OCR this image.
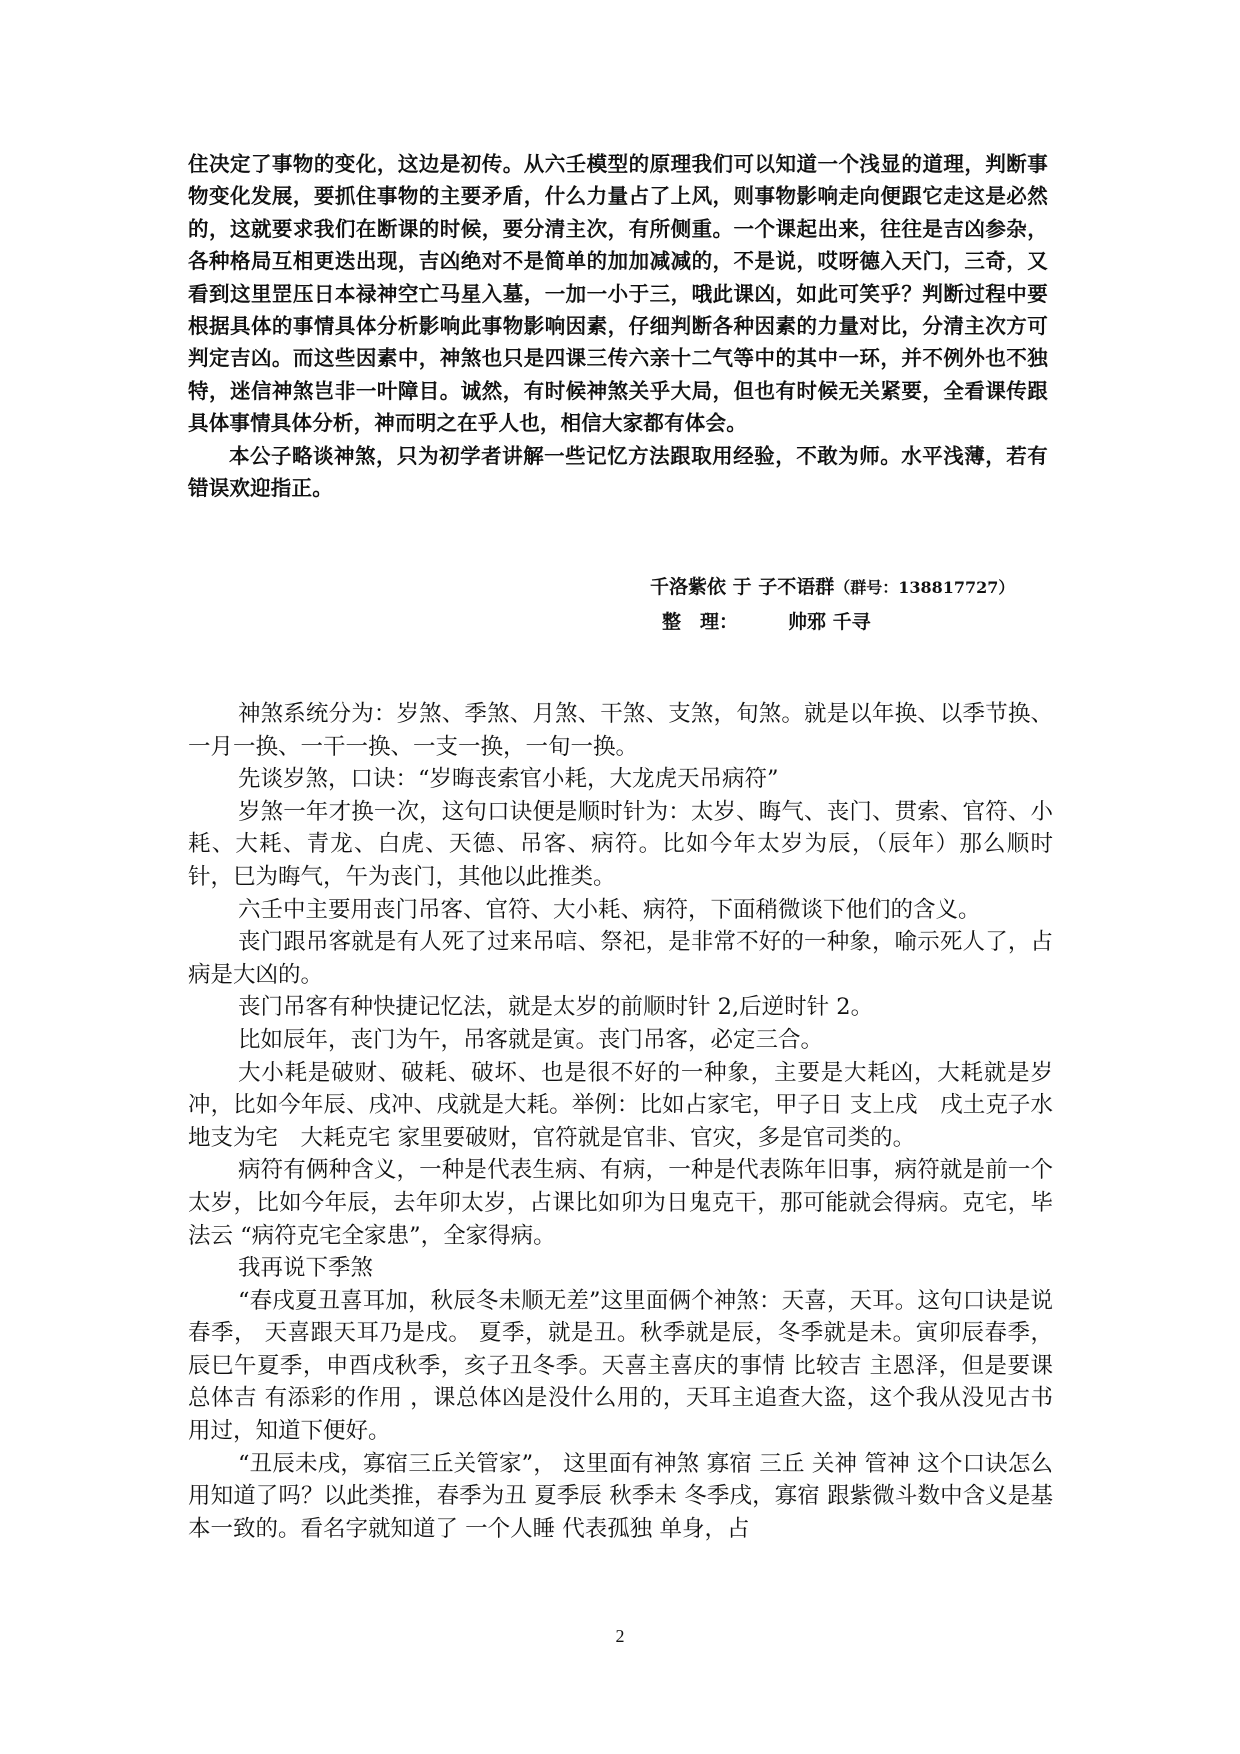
住决定了事物的变化，这边是初传。从六壬模型的原理我们可以知道一个浅显的道理，判断事物变化发展，要抓住事物的主要矛盾，什么力量占了上风，则事物影响走向便跟它走这是必然的，这就要求我们在断课的时候，要分清主次，有所侧重。一个课起出来，往往是吉凶参杂，各种格局互相更迭出现，吉凶绝对不是简单的加加减减的，不是说，哎呀德入天门，三奇，又看到这里罡压日本禄神空亡马星入墓，一加一小于三，哦此课凶，如此可笑乎？判断过程中要根据具体的事情具体分析影响此事物影响因素，仔细判断各种因素的力量对比，分清主次方可判定吉凶。而这些因素中，神煞也只是四课三传六亲十二气等中的其中一环，并不例外也不独特，迷信神煞岂非一叶障目。诚然，有时候神煞关乎大局，但也有时候无关紧要，全看课传跟具体事情具体分析，神而明之在乎人也，相信大家都有体会。

本公子略谈神煞，只为初学者讲解一些记忆方法跟取用经验，不敢为师。水平浅薄，若有错误欢迎指正。

千洛紫依 于 子不语群（群号：138817727）
整　理：	帅邪 千寻

神煞系统分为：岁煞、季煞、月煞、干煞、支煞，旬煞。就是以年换、以季节换、一月一换、一干一换、一支一换，一旬一换。

先谈岁煞，口诀：“岁晦丧索官小耗，大龙虎天吊病符”

岁煞一年才换一次，这句口诀便是顺时针为：太岁、晦气、丧门、贯索、官符、小耗、大耗、青龙、白虎、天德、吊客、病符。比如今年太岁为辰，（辰年）那么顺时针，巳为晦气，午为丧门，其他以此推类。

六壬中主要用丧门吊客、官符、大小耗、病符，下面稍微谈下他们的含义。

丧门跟吊客就是有人死了过来吊唁、祭祀，是非常不好的一种象，喻示死人了，占病是大凶的。

丧门吊客有种快捷记忆法，就是太岁的前顺时针 2,后逆时针 2。

比如辰年，丧门为午，吊客就是寅。丧门吊客，必定三合。

大小耗是破财、破耗、破坏、也是很不好的一种象，主要是大耗凶，大耗就是岁冲，比如今年辰、戌冲、戌就是大耗。举例：比如占家宅，甲子日 支上戌　戌土克子水 地支为宅　大耗克宅 家里要破财，官符就是官非、官灾，多是官司类的。

病符有俩种含义，一种是代表生病、有病，一种是代表陈年旧事，病符就是前一个太岁，比如今年辰，去年卯太岁，占课比如卯为日鬼克干，那可能就会得病。克宅，毕法云 “病符克宅全家患”，全家得病。

我再说下季煞

“春戌夏丑喜耳加，秋辰冬未顺无差”这里面俩个神煞：天喜，天耳。这句口诀是说春季， 天喜跟天耳乃是戌。 夏季，就是丑。秋季就是辰，冬季就是未。寅卯辰春季，辰巳午夏季，申酉戌秋季，亥子丑冬季。天喜主喜庆的事情 比较吉 主恩泽，但是要课总体吉 有添彩的作用 ，课总体凶是没什么用的，天耳主追查大盗，这个我从没见古书用过，知道下便好。

“丑辰未戌，寡宿三丘关管家”， 这里面有神煞 寡宿 三丘 关神 管神 这个口诀怎么用知道了吗？以此类推，春季为丑 夏季辰 秋季未 冬季戌，寡宿 跟紫微斗数中含义是基本一致的。看名字就知道了 一个人睡 代表孤独 单身，占

2
